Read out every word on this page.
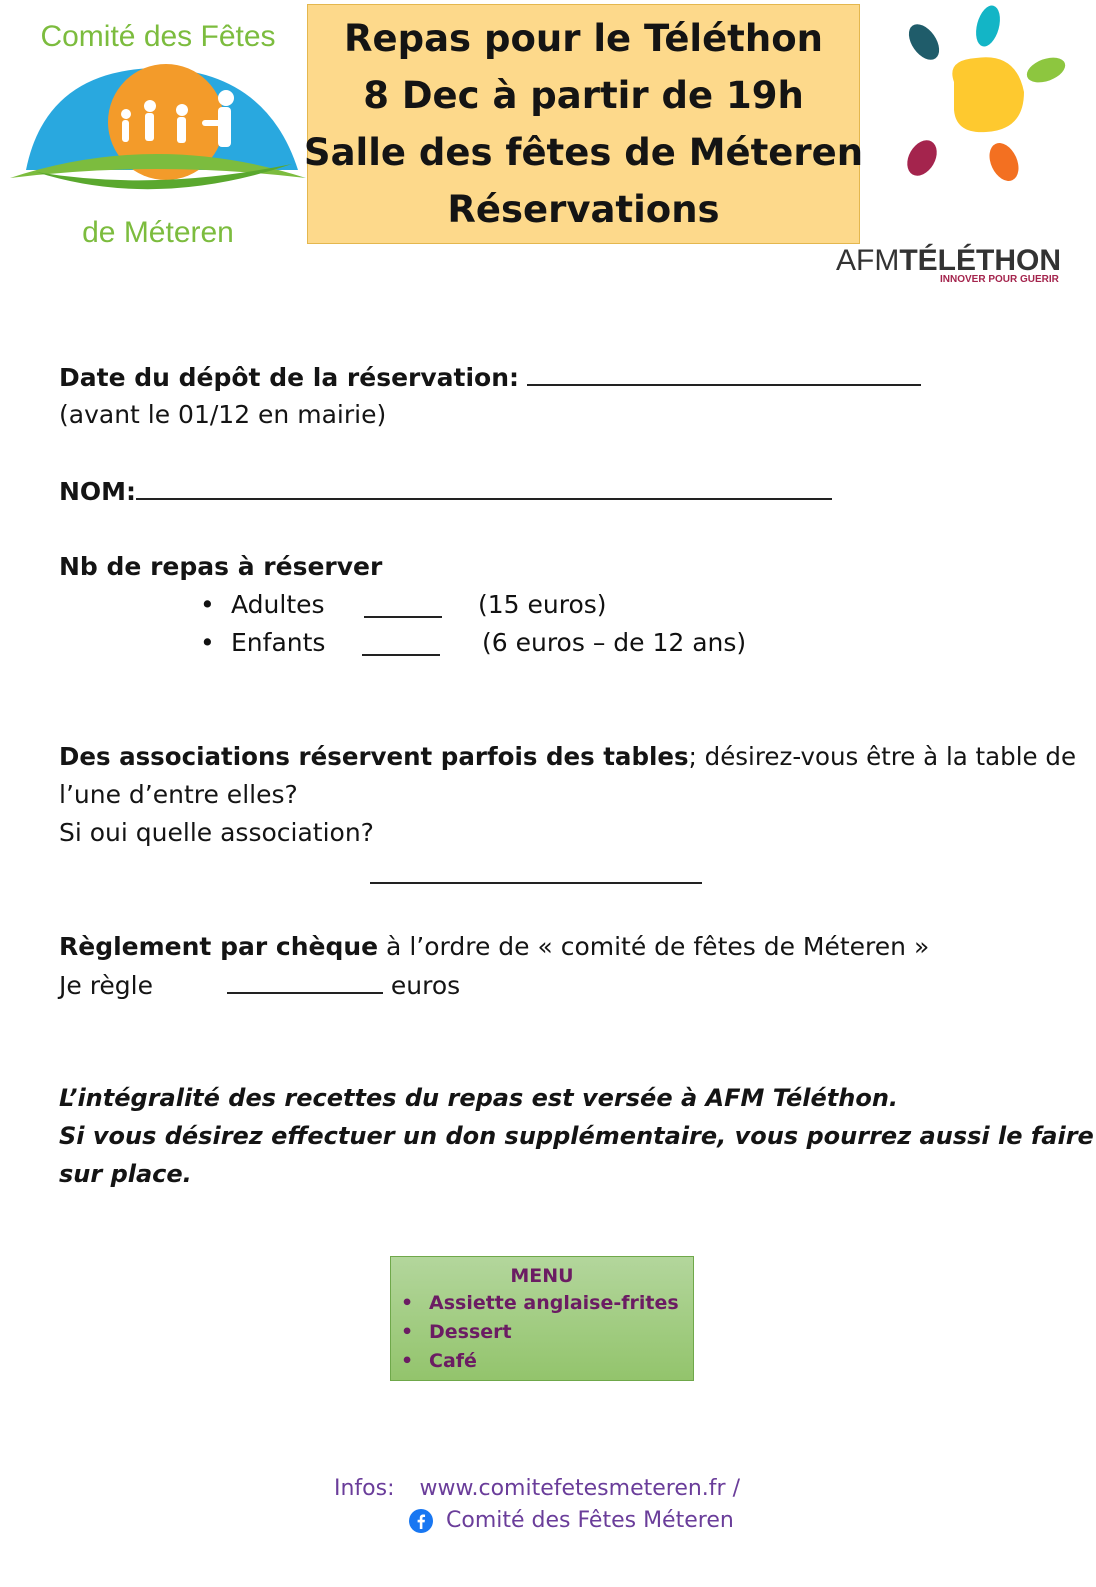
Comité des Fêtes
de Méteren
Repas pour le Téléthon
8 Dec à partir de 19h
Salle des fêtes de Méteren
Réservations
AFMTÉLÉTHON
INNOVER POUR GUERIR
Date du dépôt de la réservation:
(avant le 01/12 en mairie)
NOM:
Nb de repas à réserver
• Adultes	(15 euros)
• Enfants	(6 euros – de 12 ans)
Des associations réservent parfois des tables; désirez-vous être à la table de
l’une d’entre elles?
Si oui quelle association?
Règlement par chèque à l’ordre de « comité de fêtes de Méteren »
Je règle	euros
L’intégralité des recettes du repas est versée à AFM Téléthon.
Si vous désirez effectuer un don supplémentaire, vous pourrez aussi le faire
sur place.
MENU
• Assiette anglaise-frites
• Dessert
• Café
Infos: www.comitefetesmeteren.fr /
Comité des Fêtes Méteren
